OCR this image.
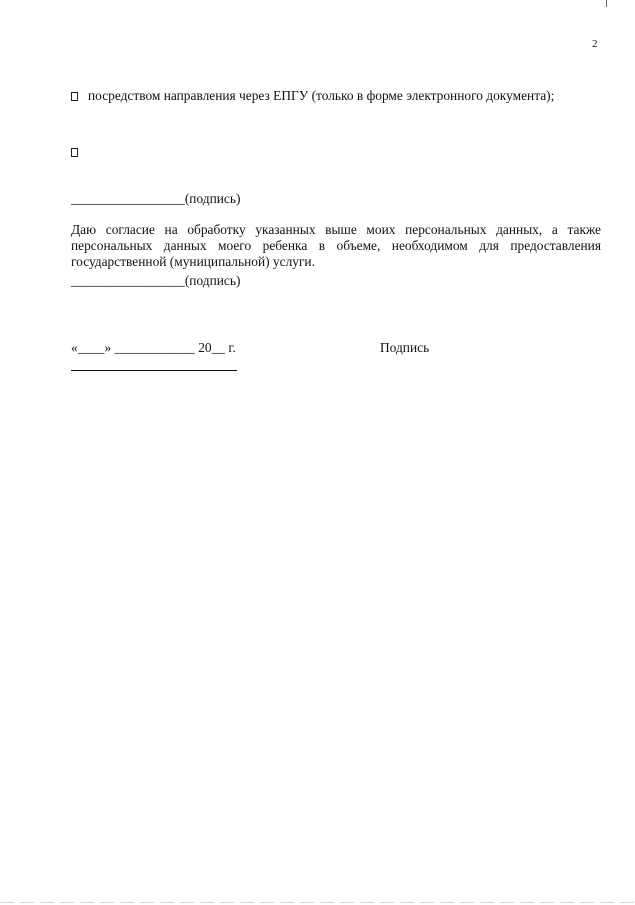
2
посредством направления через ЕПГУ (только в форме электронного документа);
_________________(подпись)
Даю согласие на обработку указанных выше моих персональных данных, а также персональных данных моего ребенка в объеме, необходимом для предоставления государственной (муниципальной) услуги.
_________________(подпись)
«____» ____________ 20__ г.	Подпись
